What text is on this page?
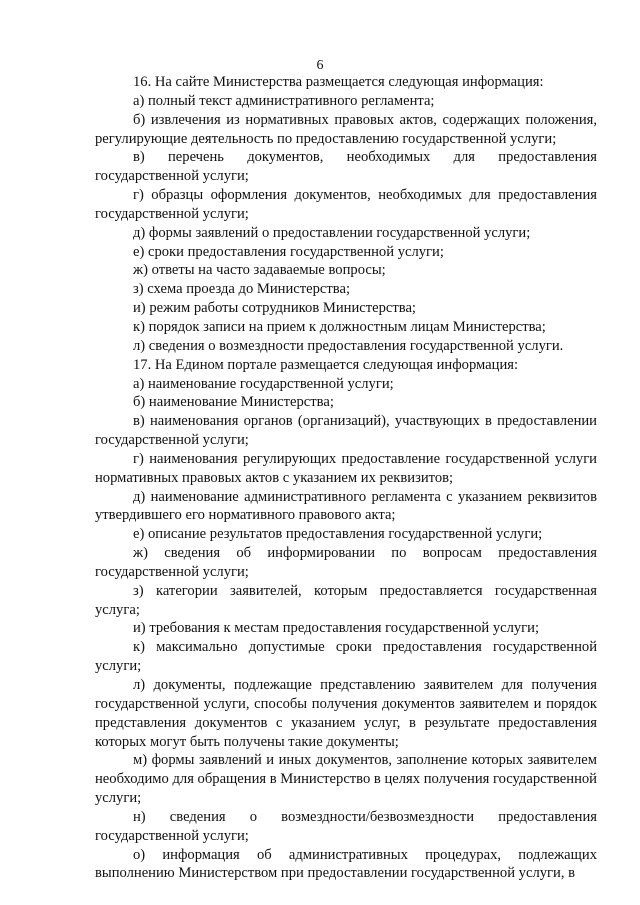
6

16. На сайте Министерства размещается следующая информация:

а) полный текст административного регламента;

б) извлечения из нормативных правовых актов, содержащих положения, регулирующие деятельность по предоставлению государственной услуги;

в) перечень документов, необходимых для предоставления государственной услуги;

г) образцы оформления документов, необходимых для предоставления государственной услуги;

д) формы заявлений о предоставлении государственной услуги;

е) сроки предоставления государственной услуги;

ж) ответы на часто задаваемые вопросы;

з) схема проезда до Министерства;

и) режим работы сотрудников Министерства;

к) порядок записи на прием к должностным лицам Министерства;

л) сведения о возмездности предоставления государственной услуги.

17. На Едином портале размещается следующая информация:

а) наименование государственной услуги;

б) наименование Министерства;

в) наименования органов (организаций), участвующих в предоставлении государственной услуги;

г) наименования регулирующих предоставление государственной услуги нормативных правовых актов с указанием их реквизитов;

д) наименование административного регламента с указанием реквизитов утвердившего его нормативного правового акта;

е) описание результатов предоставления государственной услуги;

ж) сведения об информировании по вопросам предоставления государственной услуги;

з) категории заявителей, которым предоставляется государственная услуга;

и) требования к местам предоставления государственной услуги;

к) максимально допустимые сроки предоставления государственной услуги;

л) документы, подлежащие представлению заявителем для получения государственной услуги, способы получения документов заявителем и порядок представления документов с указанием услуг, в результате предоставления которых могут быть получены такие документы;

м) формы заявлений и иных документов, заполнение которых заявителем необходимо для обращения в Министерство в целях получения государственной услуги;

н) сведения о возмездности/безвозмездности предоставления государственной услуги;

о) информация об административных процедурах, подлежащих выполнению Министерством при предоставлении государственной услуги, в
